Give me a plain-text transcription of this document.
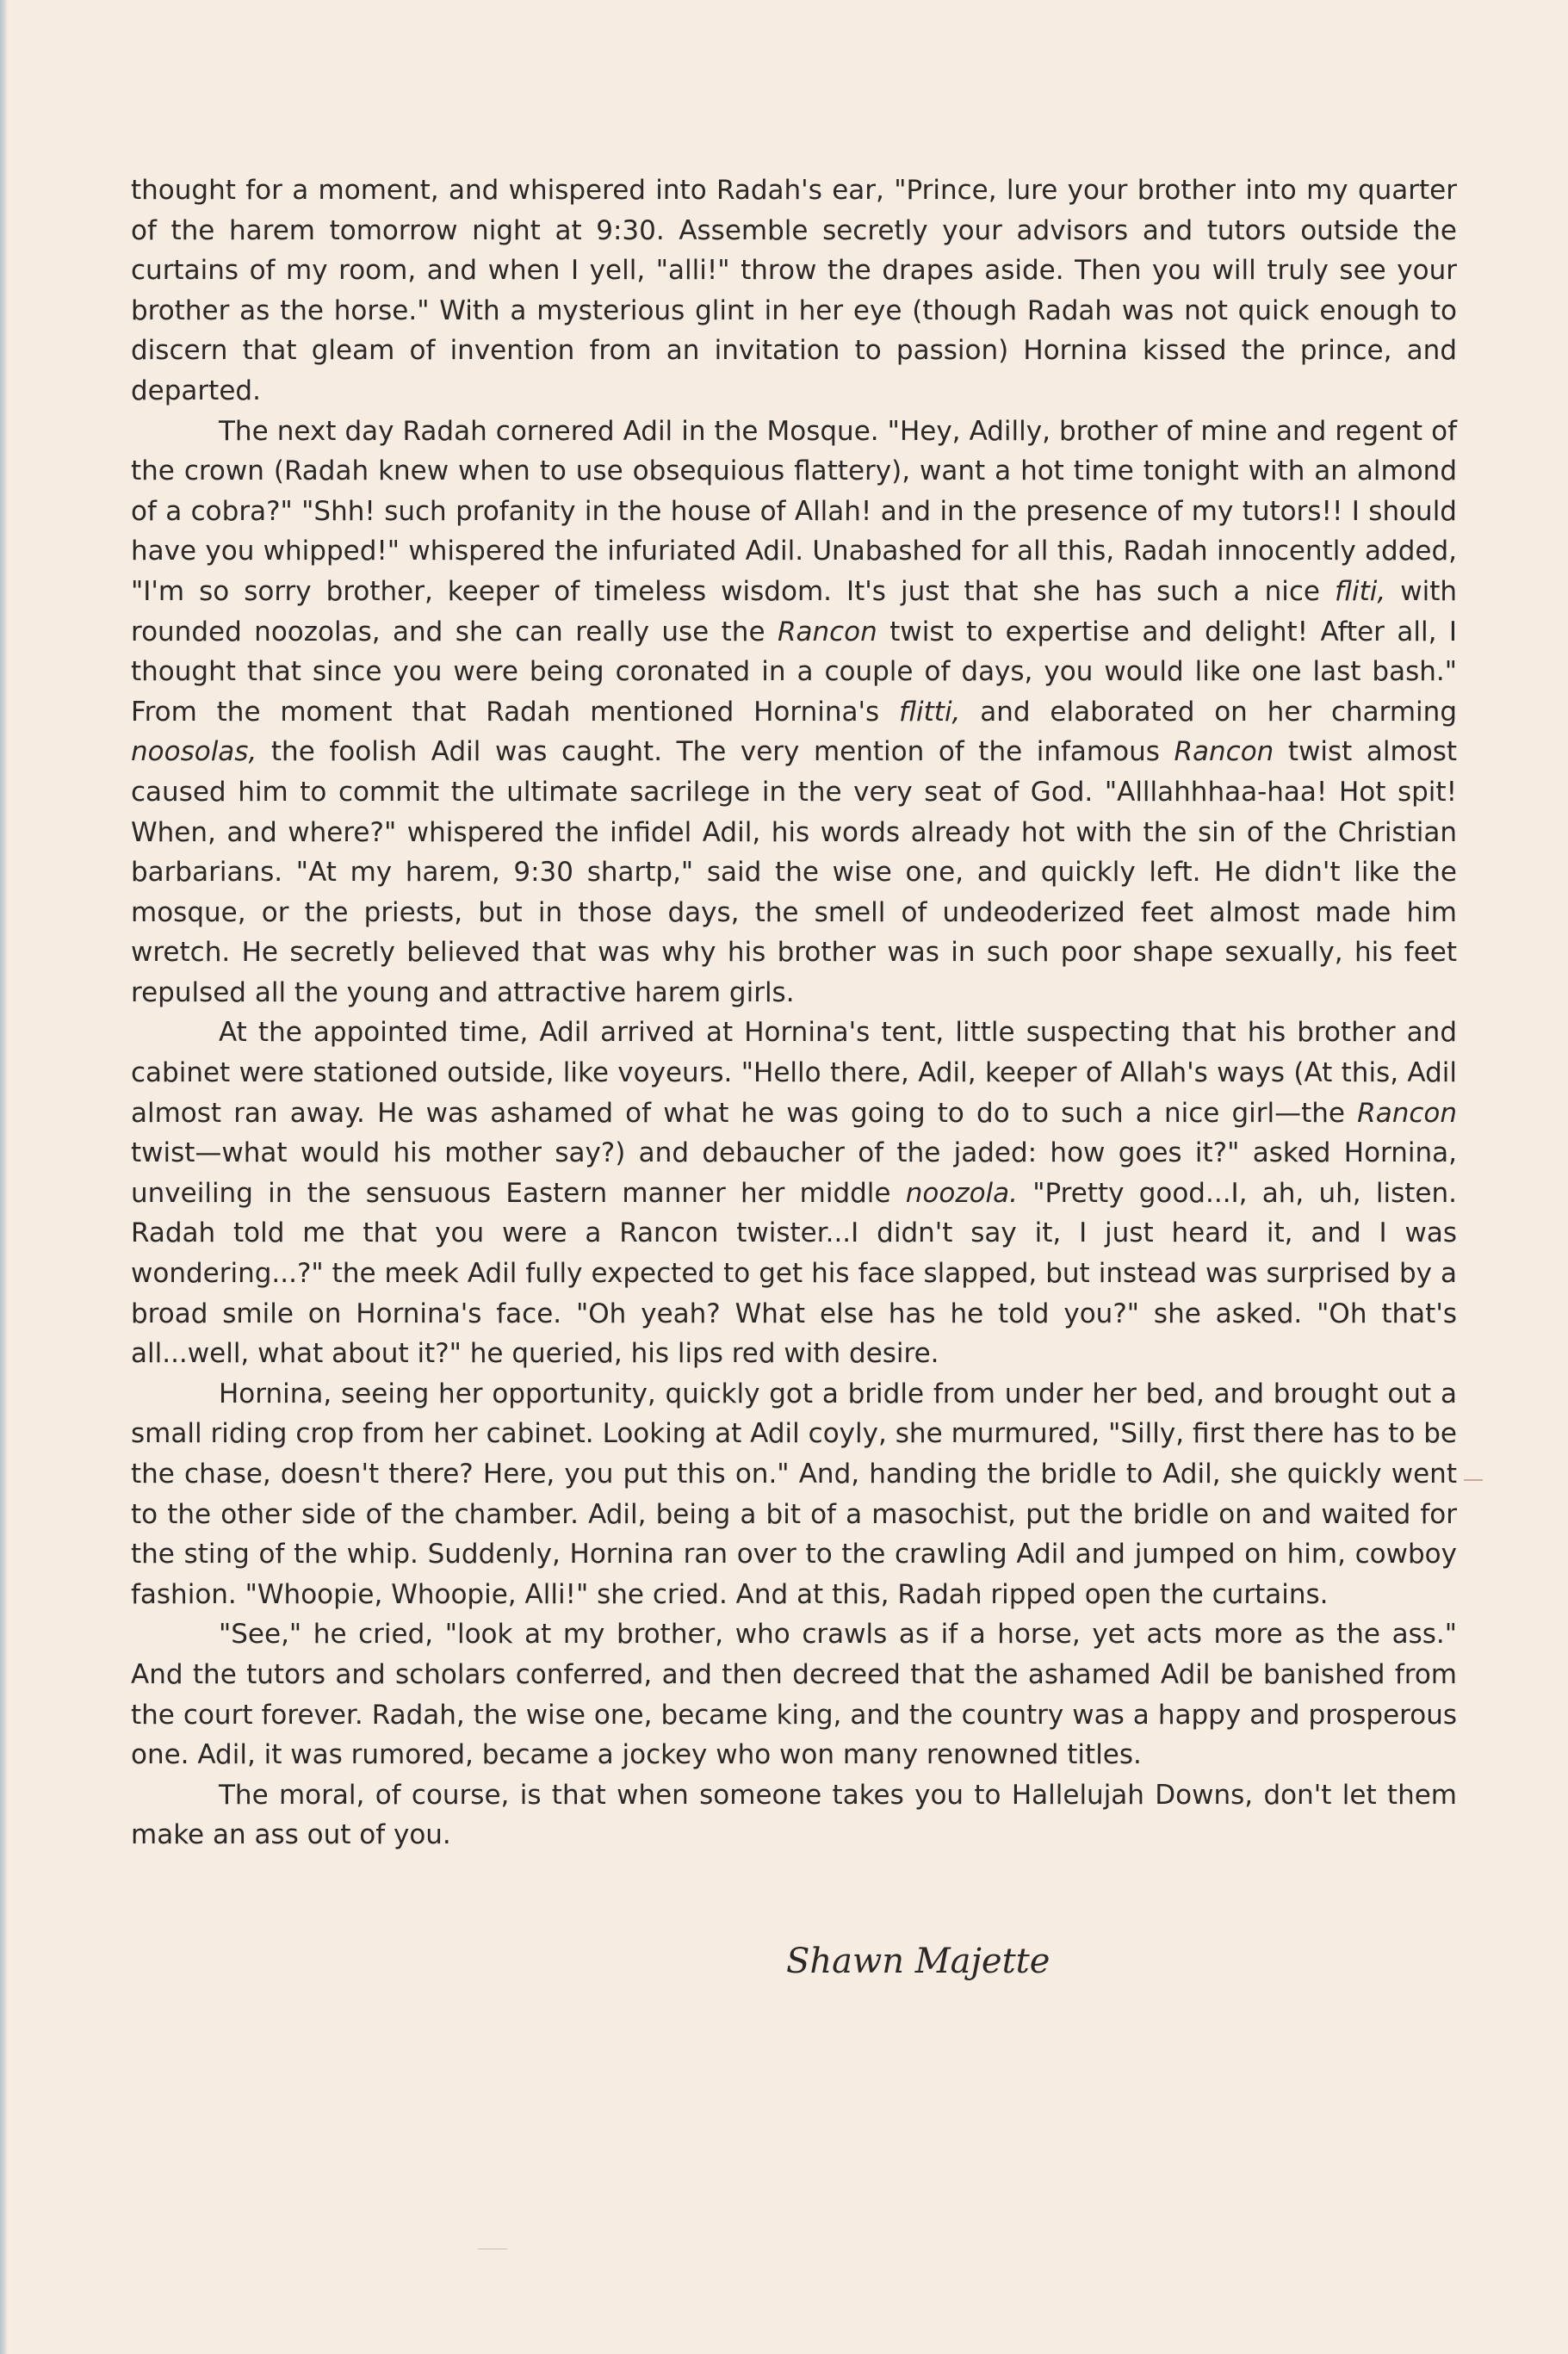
thought for a moment, and whispered into Radah's ear, "Prince, lure your brother into my quarter of the harem tomorrow night at 9:30. Assemble secretly your advisors and tutors outside the curtains of my room, and when I yell, "alli!" throw the drapes aside. Then you will truly see your brother as the horse." With a mysterious glint in her eye (though Radah was not quick enough to discern that gleam of invention from an invitation to passion) Hornina kissed the prince, and departed.

The next day Radah cornered Adil in the Mosque. "Hey, Adilly, brother of mine and regent of the crown (Radah knew when to use obsequious flattery), want a hot time tonight with an almond of a cobra?" "Shh! such profanity in the house of Allah! and in the presence of my tutors!! I should have you whipped!" whispered the infuriated Adil. Unabashed for all this, Radah innocently added, "I'm so sorry brother, keeper of timeless wisdom. It's just that she has such a nice fliti, with rounded noozolas, and she can really use the Rancon twist to expertise and delight! After all, I thought that since you were being coronated in a couple of days, you would like one last bash." From the moment that Radah mentioned Hornina's flitti, and elaborated on her charming noosolas, the foolish Adil was caught. The very mention of the infamous Rancon twist almost caused him to commit the ultimate sacrilege in the very seat of God. "Alllahhhaa-haa! Hot spit! When, and where?" whispered the infidel Adil, his words already hot with the sin of the Christian barbarians. "At my harem, 9:30 shartp," said the wise one, and quickly left. He didn't like the mosque, or the priests, but in those days, the smell of undeoderized feet almost made him wretch. He secretly believed that was why his brother was in such poor shape sexually, his feet repulsed all the young and attractive harem girls.

At the appointed time, Adil arrived at Hornina's tent, little suspecting that his brother and cabinet were stationed outside, like voyeurs. "Hello there, Adil, keeper of Allah's ways (At this, Adil almost ran away. He was ashamed of what he was going to do to such a nice girl—the Rancon twist—what would his mother say?) and debaucher of the jaded: how goes it?" asked Hornina, unveiling in the sensuous Eastern manner her middle noozola. "Pretty good...I, ah, uh, listen. Radah told me that you were a Rancon twister...I didn't say it, I just heard it, and I was wondering...?" the meek Adil fully expected to get his face slapped, but instead was surprised by a broad smile on Hornina's face. "Oh yeah? What else has he told you?" she asked. "Oh that's all...well, what about it?" he queried, his lips red with desire.

Hornina, seeing her opportunity, quickly got a bridle from under her bed, and brought out a small riding crop from her cabinet. Looking at Adil coyly, she murmured, "Silly, first there has to be the chase, doesn't there? Here, you put this on." And, handing the bridle to Adil, she quickly went to the other side of the chamber. Adil, being a bit of a masochist, put the bridle on and waited for the sting of the whip. Suddenly, Hornina ran over to the crawling Adil and jumped on him, cowboy fashion. "Whoopie, Whoopie, Alli!" she cried. And at this, Radah ripped open the curtains.

"See," he cried, "look at my brother, who crawls as if a horse, yet acts more as the ass." And the tutors and scholars conferred, and then decreed that the ashamed Adil be banished from the court forever. Radah, the wise one, became king, and the country was a happy and prosperous one. Adil, it was rumored, became a jockey who won many renowned titles.

The moral, of course, is that when someone takes you to Hallelujah Downs, don't let them make an ass out of you.

Shawn Majette
